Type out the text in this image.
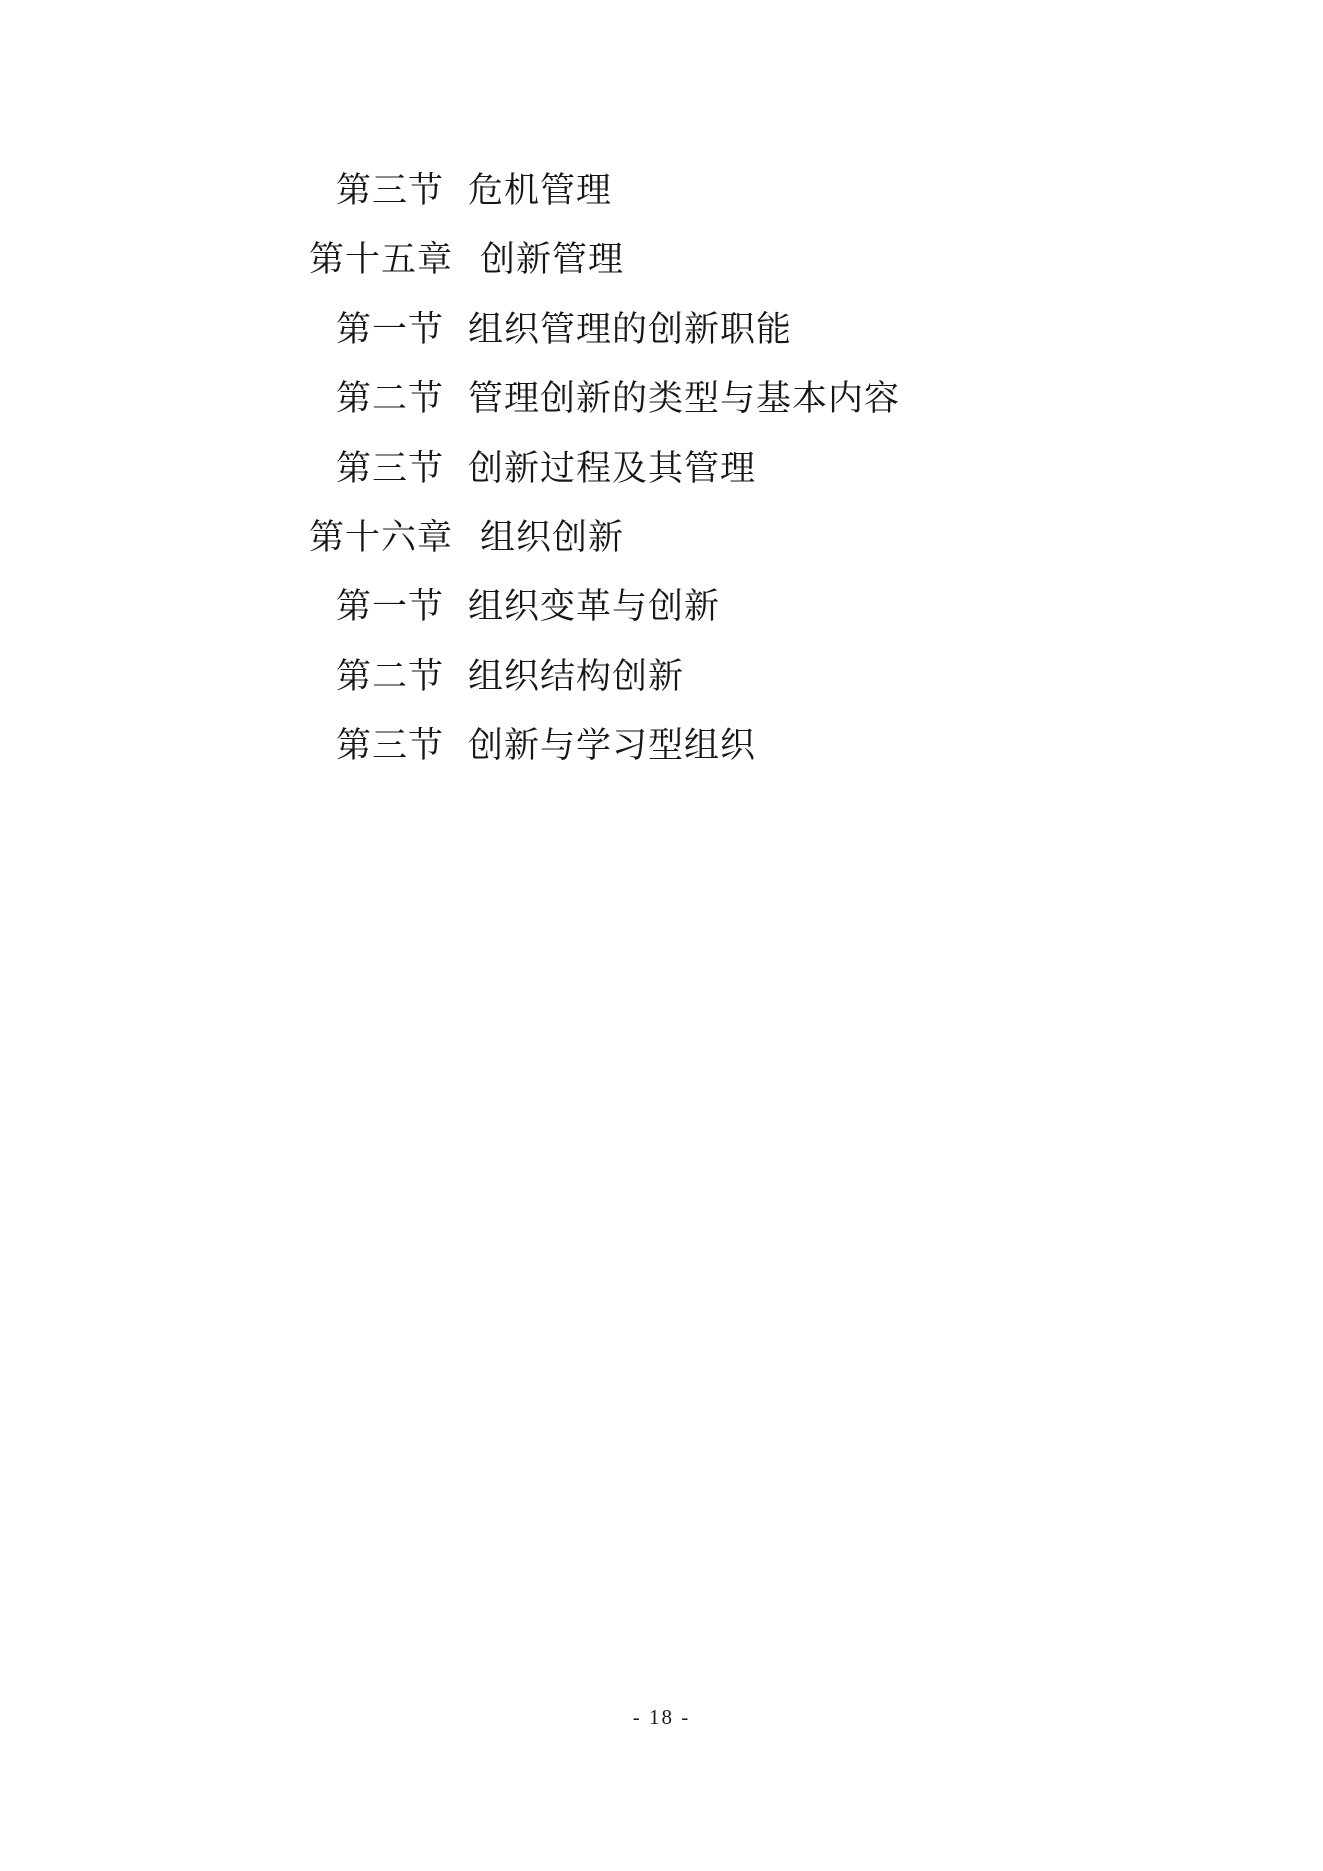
第三节 危机管理
第十五章 创新管理
第一节 组织管理的创新职能
第二节 管理创新的类型与基本内容
第三节 创新过程及其管理
第十六章 组织创新
第一节 组织变革与创新
第二节 组织结构创新
第三节 创新与学习型组织
- 18 -
